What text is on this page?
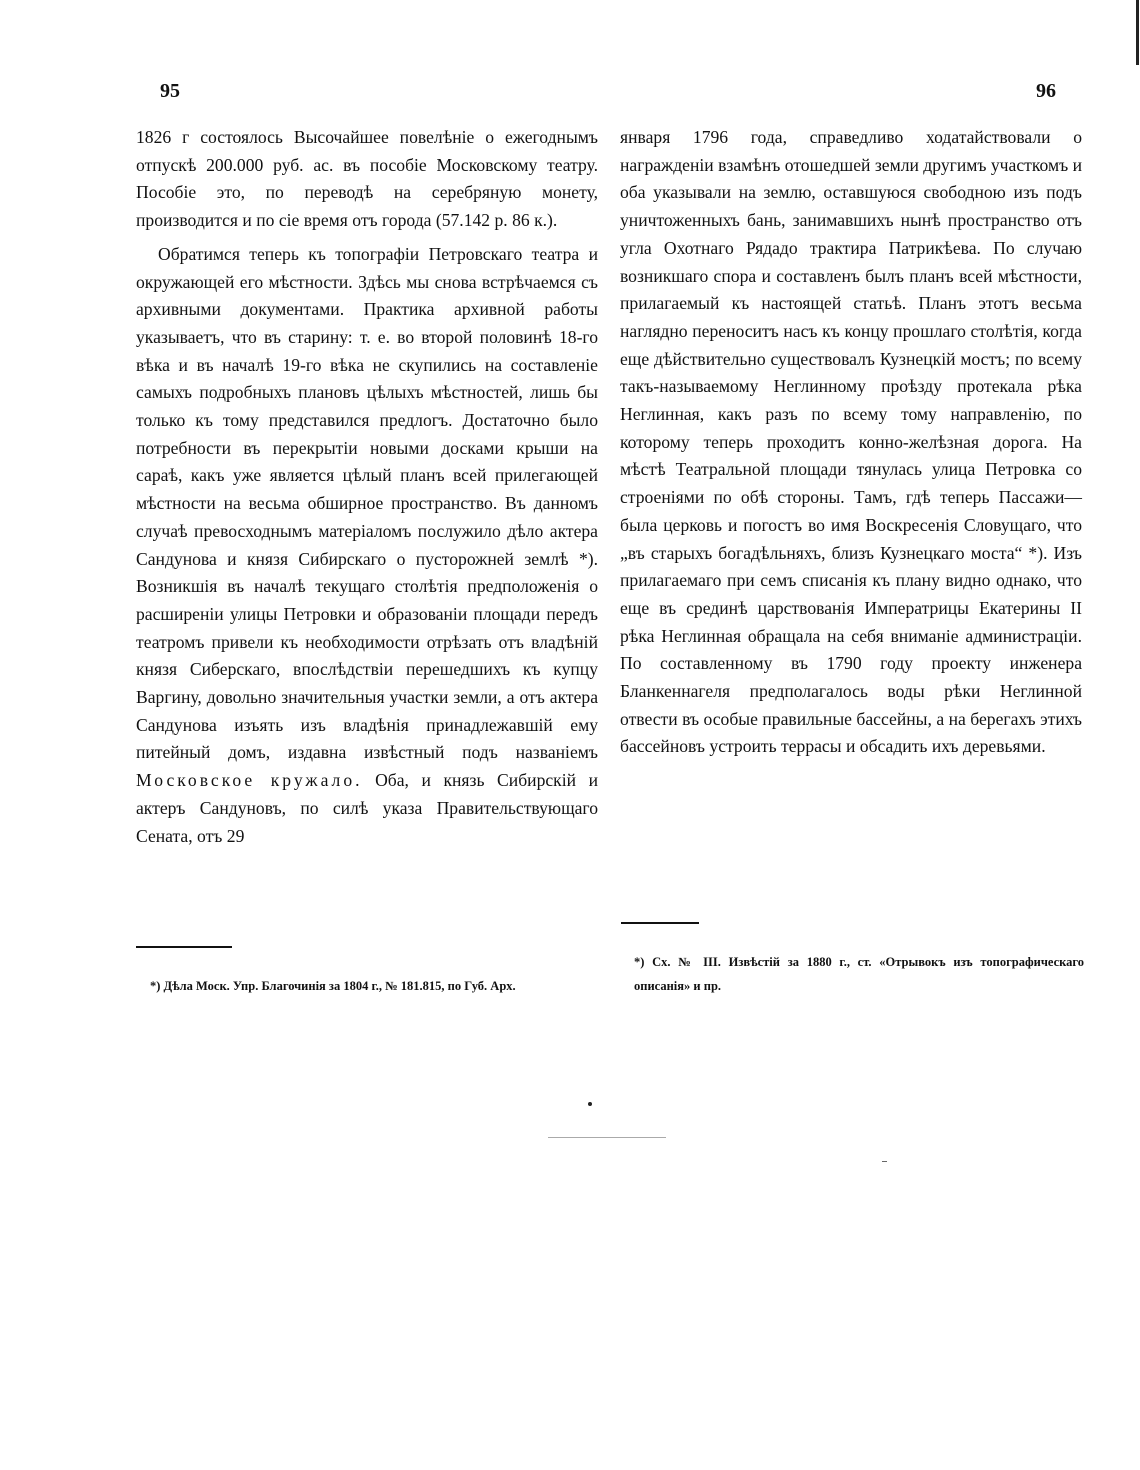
95	96

1826 г состоялось Высочайшее повелѣніе о ежегоднымъ отпускѣ 200.000 руб. ас. въ пособіе Московскому театру. Пособіе это, по переводѣ на серебряную монету, производится и по сіе время отъ города (57.142 р. 86 к.).

Обратимся теперь къ топографіи Петровскаго театра и окружающей его мѣстности. Здѣсь мы снова встрѣчаемся съ архивными документами. Практика архивной работы указываетъ, что въ старину: т. е. во второй половинѣ 18-го вѣка и въ началѣ 19-го вѣка не скупились на составленіе самыхъ подробныхъ плановъ цѣлыхъ мѣстностей, лишь бы только къ тому представился предлогъ. Достаточно было потребности въ перекрытіи новыми досками крыши на сараѣ, какъ уже является цѣлый планъ всей прилегающей мѣстности на весьма обширное пространство. Въ данномъ случаѣ превосходнымъ матеріаломъ послужило дѣло актера Сандунова и князя Сибирскаго о пусторожней землѣ *). Возникшія въ началѣ текущаго столѣтія предположенія о расширеніи улицы Петровки и образованіи площади передъ театромъ привели къ необходимости отрѣзать отъ владѣній князя Сиберскаго, впослѣдствіи перешедшихъ къ купцу Варгину, довольно значительныя участки земли, а отъ актера Сандунова изъять изъ владѣнія принадлежавшій ему питейный домъ, издавна извѣстный подъ названіемъ Московское кружало. Оба, и князь Сибирскій и актеръ Сандуновъ, по силѣ указа Правительствующаго Сената, отъ 29

января 1796 года, справедливо ходатайствовали о награжденіи взамѣнъ отошедшей земли другимъ участкомъ и оба указывали на землю, оставшуюся свободною изъ подъ уничтоженныхъ бань, занимавшихъ нынѣ пространство отъ угла Охотнаго Рядадо трактира Патрикѣева. По случаю возникшаго спора и составленъ былъ планъ всей мѣстности, прилагаемый къ настоящей статьѣ. Планъ этотъ весьма наглядно переноситъ насъ къ концу прошлаго столѣтія, когда еще дѣйствительно существовалъ Кузнецкій мостъ; по всему такъ-называемому Неглинному проѣзду протекала рѣка Неглинная, какъ разъ по всему тому направленію, по которому теперь проходитъ конно-желѣзная дорога. На мѣстѣ Театральной площади тянулась улица Петровка со строеніями по обѣ стороны. Тамъ, гдѣ теперь Пассажи—была церковь и погостъ во имя Воскресенія Словущаго, что „въ старыхъ богадѣльняхъ, близъ Кузнецкаго моста“ *). Изъ прилагаемаго при семъ списанія къ плану видно однако, что еще въ срединѣ царствованія Императрицы Екатерины II рѣка Неглинная обращала на себя вниманіе администраціи. По составленному въ 1790 году проекту инженера Бланкеннагеля предполагалось воды рѣки Неглинной отвести въ особые правильные бассейны, а на берегахъ этихъ бассейновъ устроить террасы и обсадить ихъ деревьями.

*) Дѣла Моск. Упр. Благочинія за 1804 г., № 181.815, по Губ. Арх.
*) Сх. № III. Извѣстій за 1880 г., ст. «Отрывокъ изъ топографическаго описанія» и пр.
